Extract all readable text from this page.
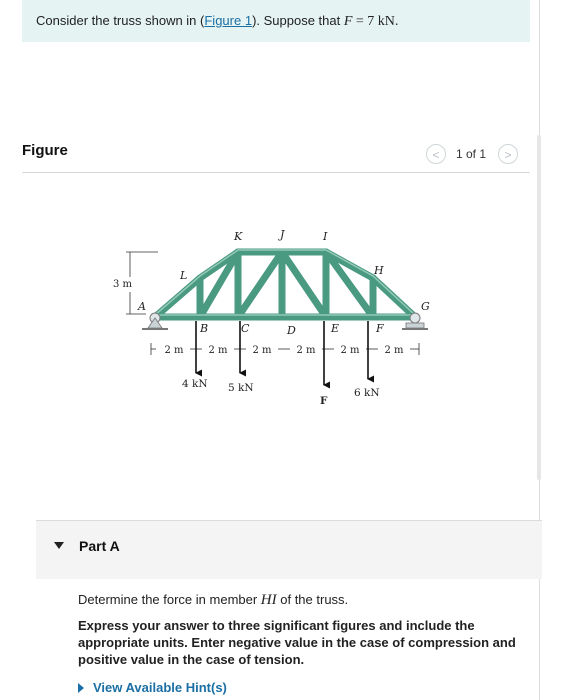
Consider the truss shown in (Figure 1). Suppose that F = 7 kN.
Figure	<	1 of 1	>
K	J	I
L	H
A	G
B	C	D	E	F
3 m
2 m 2 m 2 m 2 m 2 m 2 m
4 kN 5 kN
F
6 kN
Part A
Determine the force in member HI of the truss.
Express your answer to three significant figures and include the appropriate units. Enter negative value in the case of compression and positive value in the case of tension.
View Available Hint(s)
